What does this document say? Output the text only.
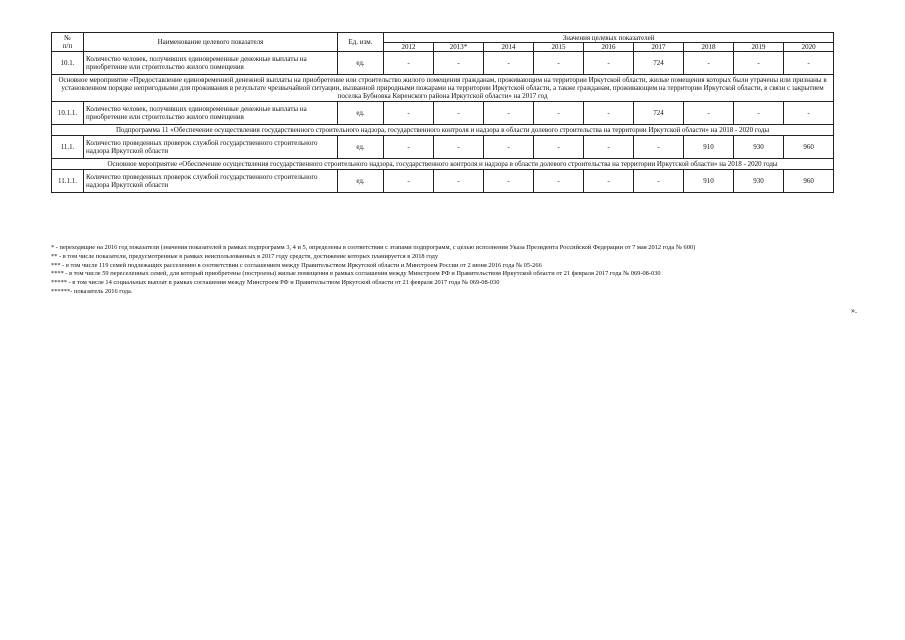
№
п/п	Наименование целевого показателя	Ед. изм.	Значения целевых показателей								
			2012	2013*	2014	2015	2016	2017	2018	2019	2020
10.1.	Количество человек, получивших единовременные денежные выплаты на приобретение или строительство жилого помещения	ед.	-	-	-	-	-	724	-	-	-
Основное мероприятие «Предоставление единовременной денежной выплаты на приобретение или строительство жилого помещения гражданам, проживающим на территории Иркутской области, жилые помещения которых были утрачены или признаны в установленном порядке непригодными для проживания в результате чрезвычайной ситуации, вызванной природными пожарами на территории Иркутской области, а также гражданам, проживающим на территории Иркутской области, в связи с закрытием поселка Бубновка Киренского района Иркутской области» на 2017 год											
10.1.1.	Количество человек, получивших единовременные денежные выплаты на приобретение или строительство жилого помещения	ед.	-	-	-	-	-	724	-	-	-
Подпрограмма 11 «Обеспечение осуществления государственного строительного надзора, государственного контроля и надзора в области долевого строительства на территории Иркутской области» на 2018 - 2020 годы											
11.1.	Количество проведенных проверок службой государственного строительного надзора Иркутской области	ед.	-	-	-	-	-	-	910	930	960
Основное мероприятие «Обеспечение осуществления государственного строительного надзора, государственного контроля и надзора в области долевого строительства на территории Иркутской области» на 2018 - 2020 годы											
11.1.1.	Количество проведенных проверок службой государственного строительного надзора Иркутской области	ед.	-	-	-	-	-	-	910	930	960
* - переходящие на 2016 год показатели (значения показателей в рамках подпрограмм 3, 4 и 5, определены в соответствии с этапами подпрограмм, с целью исполнения Указа Президента Российской Федерации от 7 мая 2012 года № 600)
** - в том числе показатели, предусмотренные в рамках неиспользованных в 2017 году средств, достижение которых планируется в 2018 году
*** - в том числе 119 семей подлежащих расселению в соответствии с соглашением между Правительством Иркутской области и Минстроем России от 2 июня 2016 года № 05-266
**** - в том числе 59 переселенных семей, для который приобретены (построены) жилые помещения в рамках соглашения между Минстроем РФ и Правительством Иркутской области от 21 февраля 2017 года № 069-08-030
***** - в том числе 14 социальных выплат в рамках соглашения между Минстроем РФ и Правительством Иркутской области от 21 февраля 2017 года № 069-08-030
******- показатель 2016 года.
».
